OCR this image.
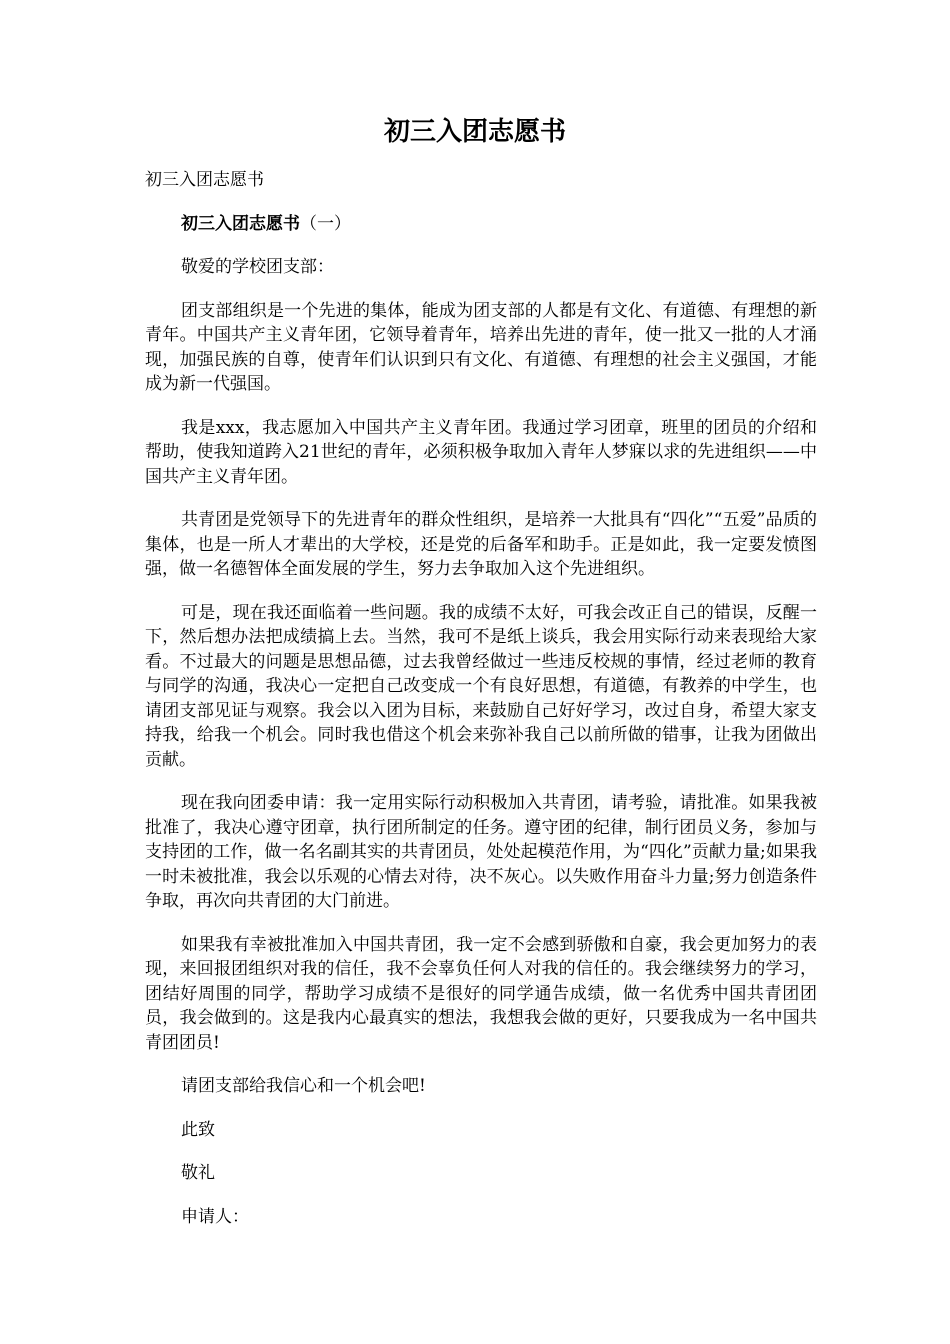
初三入团志愿书

初三入团志愿书

初三入团志愿书（一）

敬爱的学校团支部：

团支部组织是一个先进的集体，能成为团支部的人都是有文化、有道德、有理想的新青年。中国共产主义青年团，它领导着青年，培养出先进的青年，使一批又一批的人才涌现，加强民族的自尊，使青年们认识到只有文化、有道德、有理想的社会主义强国，才能成为新一代强国。

我是xxx，我志愿加入中国共产主义青年团。我通过学习团章，班里的团员的介绍和帮助，使我知道跨入21世纪的青年，必须积极争取加入青年人梦寐以求的先进组织——中国共产主义青年团。

共青团是党领导下的先进青年的群众性组织，是培养一大批具有“四化”“五爱”品质的集体，也是一所人才辈出的大学校，还是党的后备军和助手。正是如此，我一定要发愤图强，做一名德智体全面发展的学生，努力去争取加入这个先进组织。

可是，现在我还面临着一些问题。我的成绩不太好，可我会改正自己的错误，反醒一下，然后想办法把成绩搞上去。当然，我可不是纸上谈兵，我会用实际行动来表现给大家看。不过最大的问题是思想品德，过去我曾经做过一些违反校规的事情，经过老师的教育与同学的沟通，我决心一定把自己改变成一个有良好思想，有道德，有教养的中学生，也请团支部见证与观察。我会以入团为目标，来鼓励自己好好学习，改过自身，希望大家支持我，给我一个机会。同时我也借这个机会来弥补我自己以前所做的错事，让我为团做出贡献。

现在我向团委申请：我一定用实际行动积极加入共青团，请考验，请批准。如果我被批准了，我决心遵守团章，执行团所制定的任务。遵守团的纪律，制行团员义务，参加与支持团的工作，做一名名副其实的共青团员，处处起模范作用，为“四化”贡献力量;如果我一时未被批准，我会以乐观的心情去对待，决不灰心。以失败作用奋斗力量;努力创造条件争取，再次向共青团的大门前进。

如果我有幸被批准加入中国共青团，我一定不会感到骄傲和自豪，我会更加努力的表现，来回报团组织对我的信任，我不会辜负任何人对我的信任的。我会继续努力的学习，团结好周围的同学，帮助学习成绩不是很好的同学通告成绩，做一名优秀中国共青团团员，我会做到的。这是我内心最真实的想法，我想我会做的更好，只要我成为一名中国共青团团员!

请团支部给我信心和一个机会吧!

此致

敬礼

申请人：
